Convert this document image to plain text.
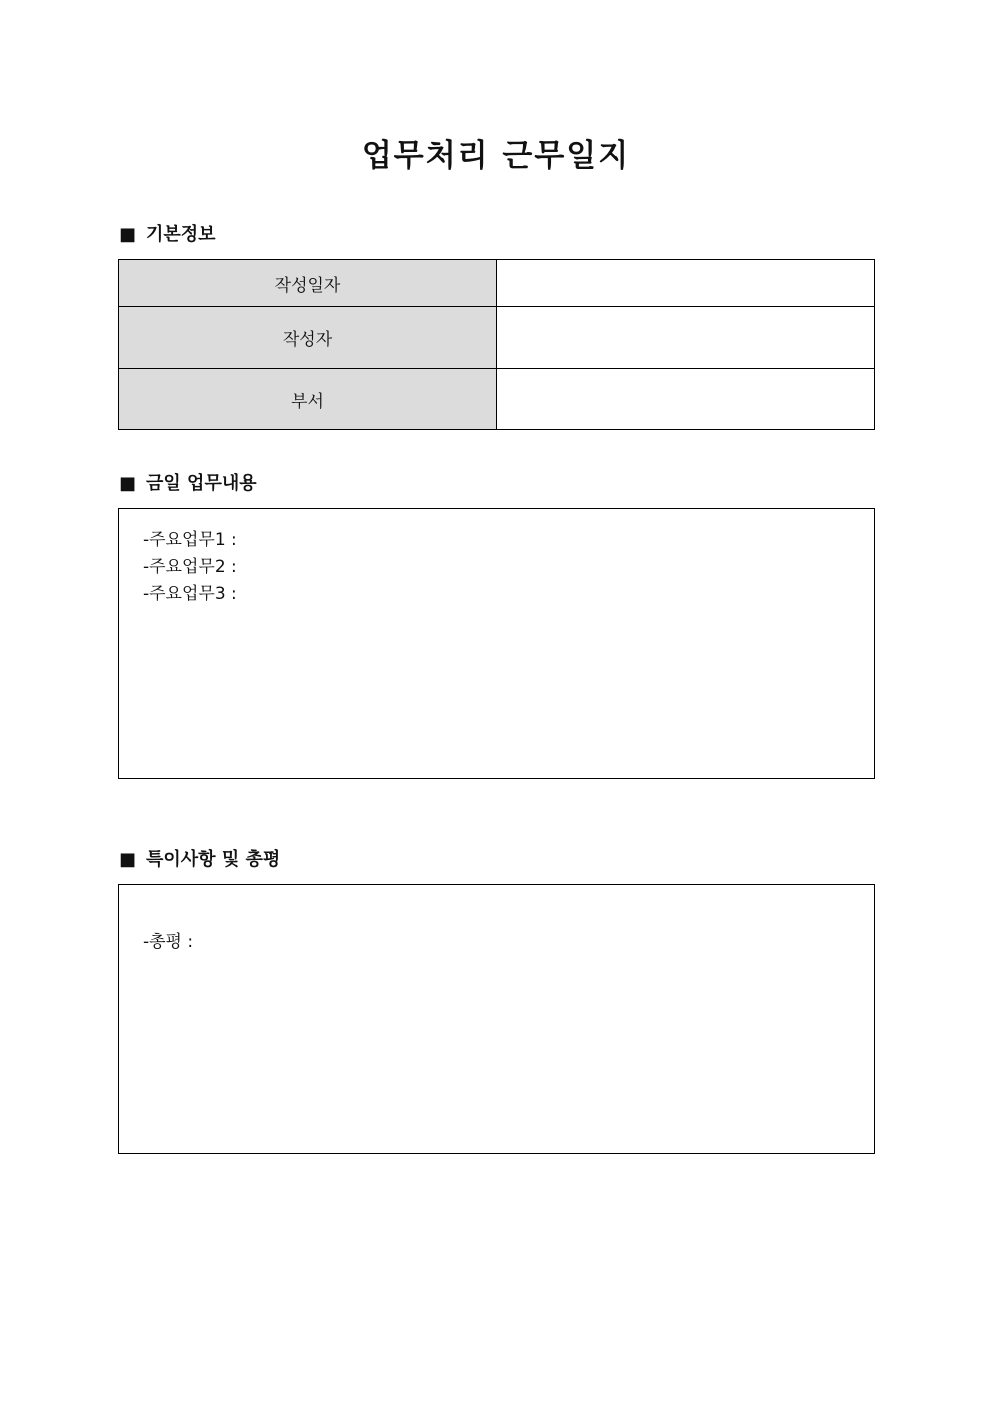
업무처리 근무일지
■ 기본정보
작성일자	
작성자	
부서	
■ 금일 업무내용
-주요업무1 :
-주요업무2 :
-주요업무3 :
■ 특이사항 및 총평
-총평 :
